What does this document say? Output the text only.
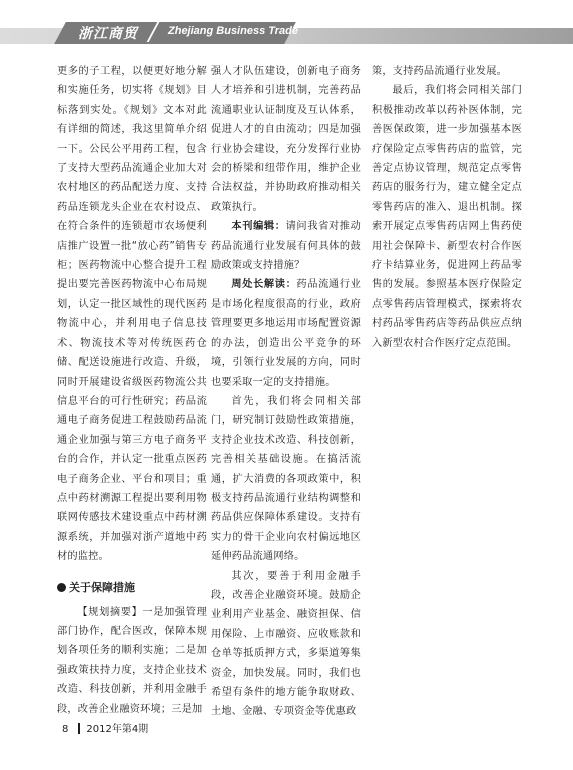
浙江商贸	Zhejiang Business Trade

更多的子工程，以便更好地分解和实施任务，切实将《规划》目标落到实处。《规划》文本对此有详细的简述，我这里简单介绍一下。公民公平用药工程，包含了支持大型药品流通企业加大对农村地区的药品配送力度、支持药品连锁龙头企业在农村设点、在符合条件的连锁超市农场便利店推广设置一批“放心药”销售专柜；医药物流中心整合提升工程提出要完善医药物流中心布局规划，认定一批区域性的现代医药物流中心，并利用电子信息技术、物流技术等对传统医药仓储、配送设施进行改造、升级，同时开展建设省级医药物流公共信息平台的可行性研究；药品流通电子商务促进工程鼓励药品流通企业加强与第三方电子商务平台的合作，并认定一批重点医药电子商务企业、平台和项目；重点中药材溯源工程提出要利用物联网传感技术建设重点中药材溯源系统，并加强对浙产道地中药材的监控。

关于保障措施

【规划摘要】一是加强管理部门协作，配合医改，保障本规划各项任务的顺利实施；二是加强政策扶持力度，支持企业技术改造、科技创新，并利用金融手段，改善企业融资环境；三是加

强人才队伍建设，创新电子商务人才培养和引进机制，完善药品流通职业认证制度及互认体系，促进人才的自由流动；四是加强行业协会建设，充分发挥行业协会的桥梁和纽带作用，维护企业合法权益，并协助政府推动相关政策执行。

本刊编辑：请问我省对推动药品流通行业发展有何具体的鼓励政策或支持措施？

周处长解读：药品流通行业是市场化程度很高的行业，政府管理要更多地运用市场配置资源的办法，创造出公平竞争的环境，引领行业发展的方向，同时也要采取一定的支持措施。

首先，我们将会同相关部门，研究制订鼓励性政策措施，支持企业技术改造、科技创新，完善相关基础设施。在搞活流通，扩大消费的各项政策中，积极支持药品流通行业结构调整和药品供应保障体系建设。支持有实力的骨干企业向农村偏远地区延伸药品流通网络。

其次，要善于利用金融手段，改善企业融资环境。鼓励企业利用产业基金、融资担保、信用保险、上市融资、应收账款和仓单等抵质押方式，多渠道筹集资金，加快发展。同时，我们也希望有条件的地方能争取财政、土地、金融、专项资金等优惠政

策，支持药品流通行业发展。

最后，我们将会同相关部门积极推动改革以药补医体制，完善医保政策，进一步加强基本医疗保险定点零售药店的监管，完善定点协议管理，规范定点零售药店的服务行为，建立健全定点零售药店的准入、退出机制。探索开展定点零售药店网上售药使用社会保障卡、新型农村合作医疗卡结算业务，促进网上药品零售的发展。参照基本医疗保险定点零售药店管理模式，探索将农村药品零售药店等药品供应点纳入新型农村合作医疗定点范围。

8 2012年第4期
